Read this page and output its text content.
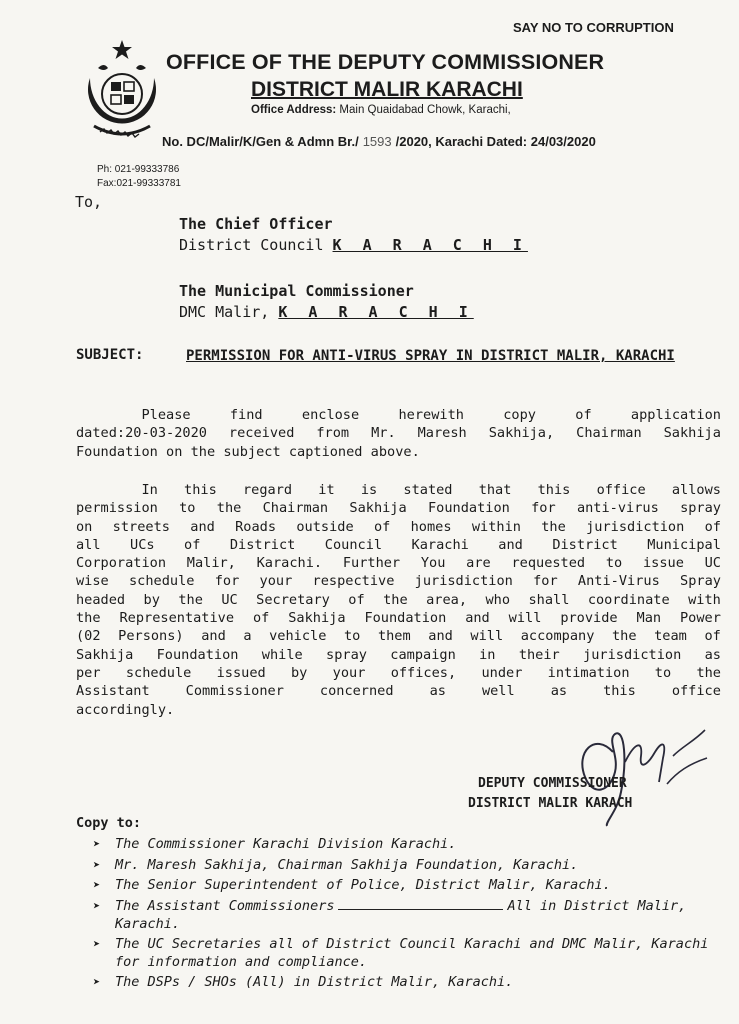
SAY NO TO CORRUPTION
OFFICE OF THE DEPUTY COMMISSIONER
DISTRICT MALIR KARACHI
Office Address: Main Quaidabad Chowk, Karachi,
No. DC/Malir/K/Gen & Admn Br./ 1593 /2020, Karachi Dated: 24/03/2020
Ph: 021-99333786
Fax:021-99333781
To,
The Chief Officer
District Council K A R A C H I
The Municipal Commissioner
DMC Malir, K A R A C H I
SUBJECT:	PERMISSION FOR ANTI-VIRUS SPRAY IN DISTRICT MALIR, KARACHI
Please	find	enclose	herewith	copy	of	application
dated:20-03-2020 received from Mr. Maresh Sakhija, Chairman Sakhija
Foundation on the subject captioned above.
In this regard it is stated that this office allows
permission to the Chairman Sakhija Foundation for anti-virus spray
on streets and Roads outside of homes within the jurisdiction of
all UCs of District Council Karachi and District Municipal
Corporation Malir, Karachi. Further You are requested to issue UC
wise schedule for your respective jurisdiction for Anti-Virus Spray
headed by the UC Secretary of the area, who shall coordinate with
the Representative of Sakhija Foundation and will provide Man Power
(02 Persons) and a vehicle to them and will accompany the team of
Sakhija Foundation while spray campaign in their jurisdiction as
per schedule issued by your offices, under intimation to the
Assistant	Commissioner	concerned	as	well	as	this	office
accordingly.
DEPUTY COMMISSIONER
DISTRICT MALIR KARACH
Copy to:
➤	The Commissioner Karachi Division Karachi.
➤	Mr. Maresh Sakhija, Chairman Sakhija Foundation, Karachi.
➤	The Senior Superintendent of Police, District Malir, Karachi.
➤	The Assistant Commissioners	All in District Malir, Karachi.
➤	The UC Secretaries all of District Council Karachi and DMC Malir, Karachi for information and compliance.
➤	The DSPs / SHOs (All) in District Malir, Karachi.
